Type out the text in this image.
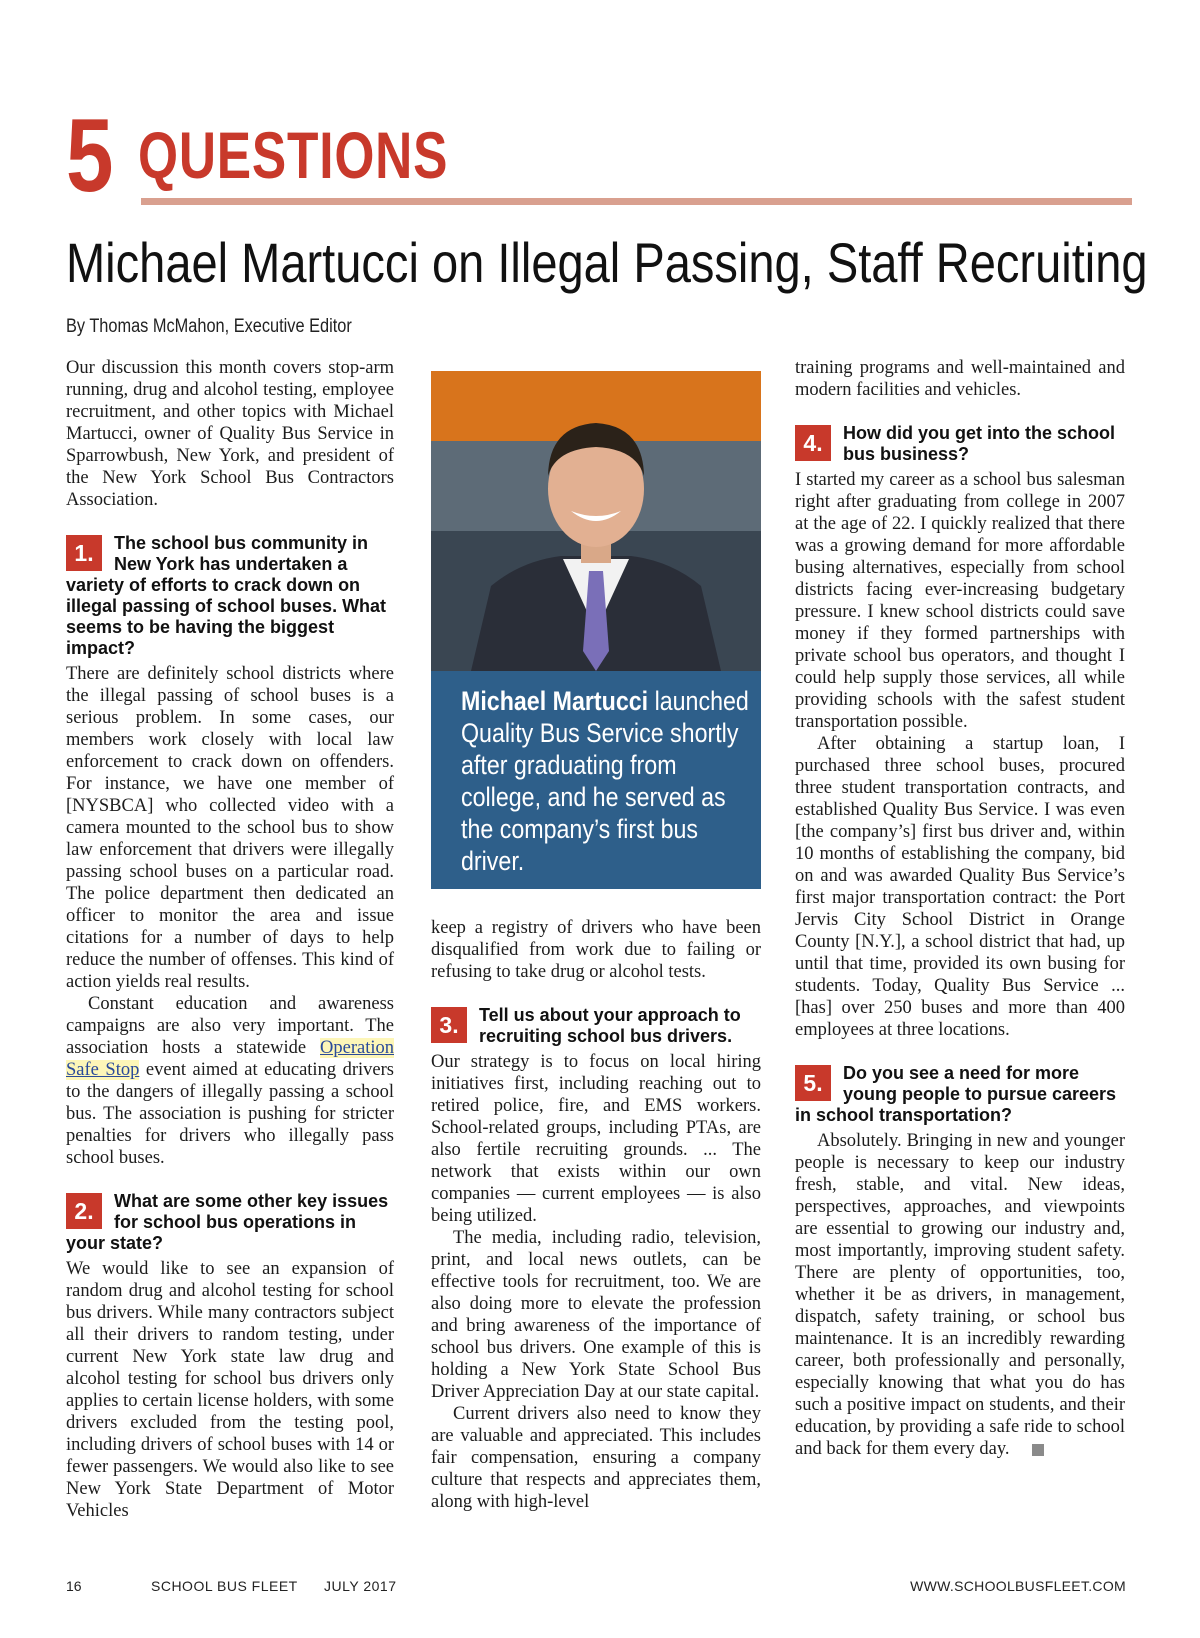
5 QUESTIONS
Michael Martucci on Illegal Passing, Staff Recruiting
By Thomas McMahon, Executive Editor

Our discussion this month covers stop-arm running, drug and alcohol testing, employee recruitment, and other topics with Michael Martucci, owner of Quality Bus Service in Sparrowbush, New York, and president of the New York School Bus Contractors Association.

1.	The school bus community in New York has undertaken a variety of efforts to crack down on illegal passing of school buses. What seems to be having the biggest impact?

There are definitely school districts where the illegal passing of school buses is a serious problem. In some cases, our members work closely with local law enforcement to crack down on offenders. For instance, we have one member of [NYSBCA] who collected video with a camera mounted to the school bus to show law enforcement that drivers were illegally passing school buses on a particular road. The police department then dedicated an officer to monitor the area and issue citations for a number of days to help reduce the number of offenses. This kind of action yields real results.

Constant education and awareness campaigns are also very important. The association hosts a statewide Operation Safe Stop event aimed at educating drivers to the dangers of illegally passing a school bus. The association is pushing for stricter penalties for drivers who illegally pass school buses.

2.	What are some other key issues for school bus operations in your state?

We would like to see an expansion of random drug and alcohol testing for school bus drivers. While many contractors subject all their drivers to random testing, under current New York state law drug and alcohol testing for school bus drivers only applies to certain license holders, with some drivers excluded from the testing pool, including drivers of school buses with 14 or fewer passengers. We would also like to see New York State Department of Motor Vehicles

Michael Martucci launched Quality Bus Service shortly after graduating from college, and he served as the company’s first bus driver.

keep a registry of drivers who have been disqualified from work due to failing or refusing to take drug or alcohol tests.

3.	Tell us about your approach to recruiting school bus drivers.

Our strategy is to focus on local hiring initiatives first, including reaching out to retired police, fire, and EMS workers. School-related groups, including PTAs, are also fertile recruiting grounds. ... The network that exists within our own companies — current employees — is also being utilized.

The media, including radio, television, print, and local news outlets, can be effective tools for recruitment, too. We are also doing more to elevate the profession and bring awareness of the importance of school bus drivers. One example of this is holding a New York State School Bus Driver Appreciation Day at our state capital.

Current drivers also need to know they are valuable and appreciated. This includes fair compensation, ensuring a company culture that respects and appreciates them, along with high-level

training programs and well-maintained and modern facilities and vehicles.

4.	How did you get into the school bus business?

I started my career as a school bus salesman right after graduating from college in 2007 at the age of 22. I quickly realized that there was a growing demand for more affordable busing alternatives, especially from school districts facing ever-increasing budgetary pressure. I knew school districts could save money if they formed partnerships with private school bus operators, and thought I could help supply those services, all while providing schools with the safest student transportation possible.

After obtaining a startup loan, I purchased three school buses, procured three student transportation contracts, and established Quality Bus Service. I was even [the company’s] first bus driver and, within 10 months of establishing the company, bid on and was awarded Quality Bus Service’s first major transportation contract: the Port Jervis City School District in Orange County [N.Y.], a school district that had, up until that time, provided its own busing for students. Today, Quality Bus Service ... [has] over 250 buses and more than 400 employees at three locations.

5.	Do you see a need for more young people to pursue careers in school transportation?

Absolutely. Bringing in new and younger people is necessary to keep our industry fresh, stable, and vital. New ideas, perspectives, approaches, and viewpoints are essential to growing our industry and, most importantly, improving student safety. There are plenty of opportunities, too, whether it be as drivers, in management, dispatch, safety training, or school bus maintenance. It is an incredibly rewarding career, both professionally and personally, especially knowing that what you do has such a positive impact on students, and their education, by providing a safe ride to school and back for them every day.

16	SCHOOL BUS FLEET JULY 2017	WWW.SCHOOLBUSFLEET.COM
